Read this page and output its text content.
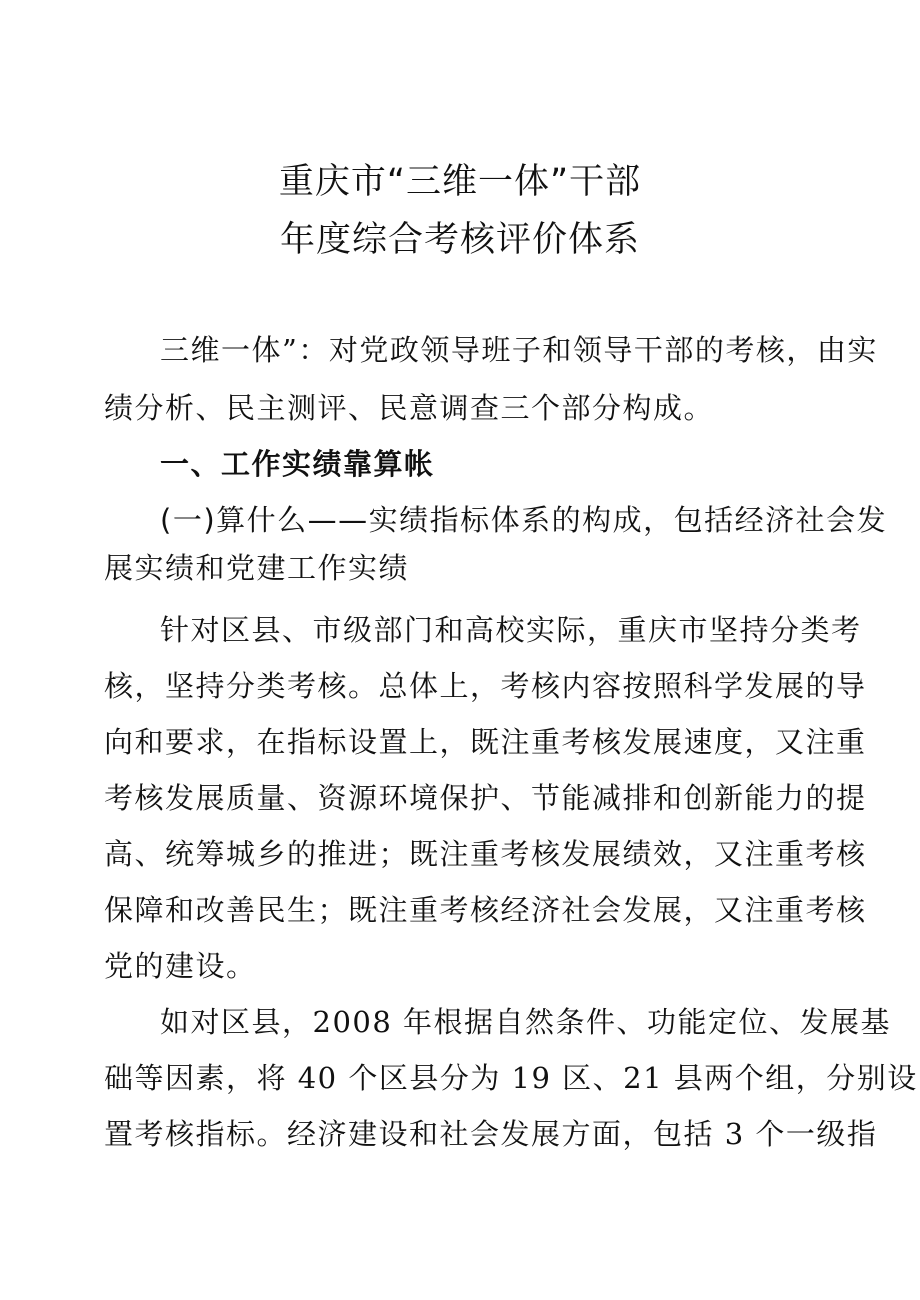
重庆市“三维一体”干部
年度综合考核评价体系

三维一体”：对党政领导班子和领导干部的考核，由实

绩分析、民主测评、民意调查三个部分构成。

一、工作实绩靠算帐

(一)算什么——实绩指标体系的构成，包括经济社会发

展实绩和党建工作实绩

针对区县、市级部门和高校实际，重庆市坚持分类考

核，坚持分类考核。总体上，考核内容按照科学发展的导

向和要求，在指标设置上，既注重考核发展速度，又注重

考核发展质量、资源环境保护、节能减排和创新能力的提

高、统筹城乡的推进；既注重考核发展绩效，又注重考核

保障和改善民生；既注重考核经济社会发展，又注重考核

党的建设。

如对区县，2008 年根据自然条件、功能定位、发展基

础等因素，将 40 个区县分为 19 区、21 县两个组，分别设

置考核指标。经济建设和社会发展方面，包括 3 个一级指
